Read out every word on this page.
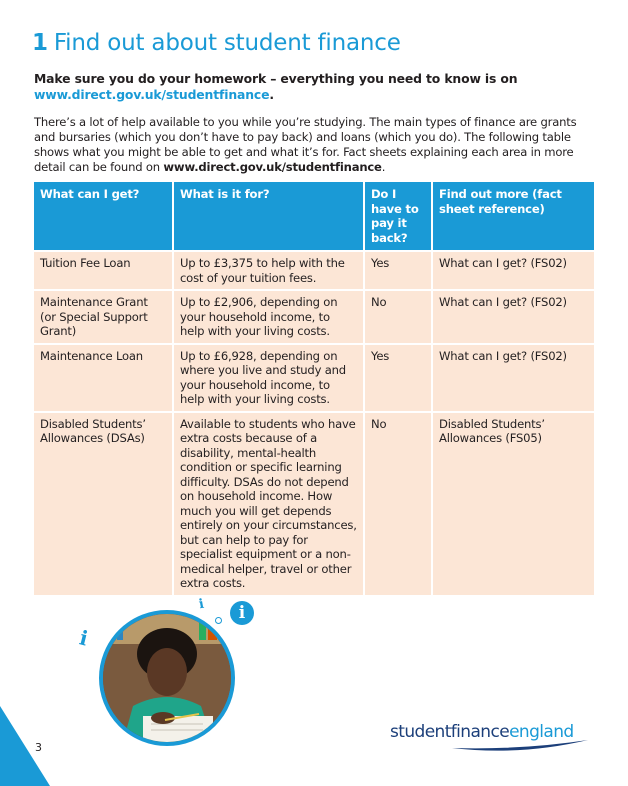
1 Find out about student finance

Make sure you do your homework – everything you need to know is on www.direct.gov.uk/studentfinance.

There’s a lot of help available to you while you’re studying. The main types of finance are grants and bursaries (which you don’t have to pay back) and loans (which you do). The following table shows what you might be able to get and what it’s for. Fact sheets explaining each area in more detail can be found on www.direct.gov.uk/studentfinance.

What can I get?	What is it for?	Do I have to pay it back?	Find out more (fact sheet reference)
Tuition Fee Loan	Up to £3,375 to help with the cost of your tuition fees.	Yes	What can I get? (FS02)
Maintenance Grant (or Special Support Grant)	Up to £2,906, depending on your household income, to help with your living costs.	No	What can I get? (FS02)
Maintenance Loan	Up to £6,928, depending on where you live and study and your household income, to help with your living costs.	Yes	What can I get? (FS02)
Disabled Students’ Allowances (DSAs)	Available to students who have extra costs because of a disability, mental-health condition or specific learning difficulty. DSAs do not depend on household income. How much you will get depends entirely on your circumstances, but can help to pay for specialist equipment or a non-medical helper, travel or other extra costs.	No	Disabled Students’ Allowances (FS05)
i
i	i
3
studentfinanceengland
